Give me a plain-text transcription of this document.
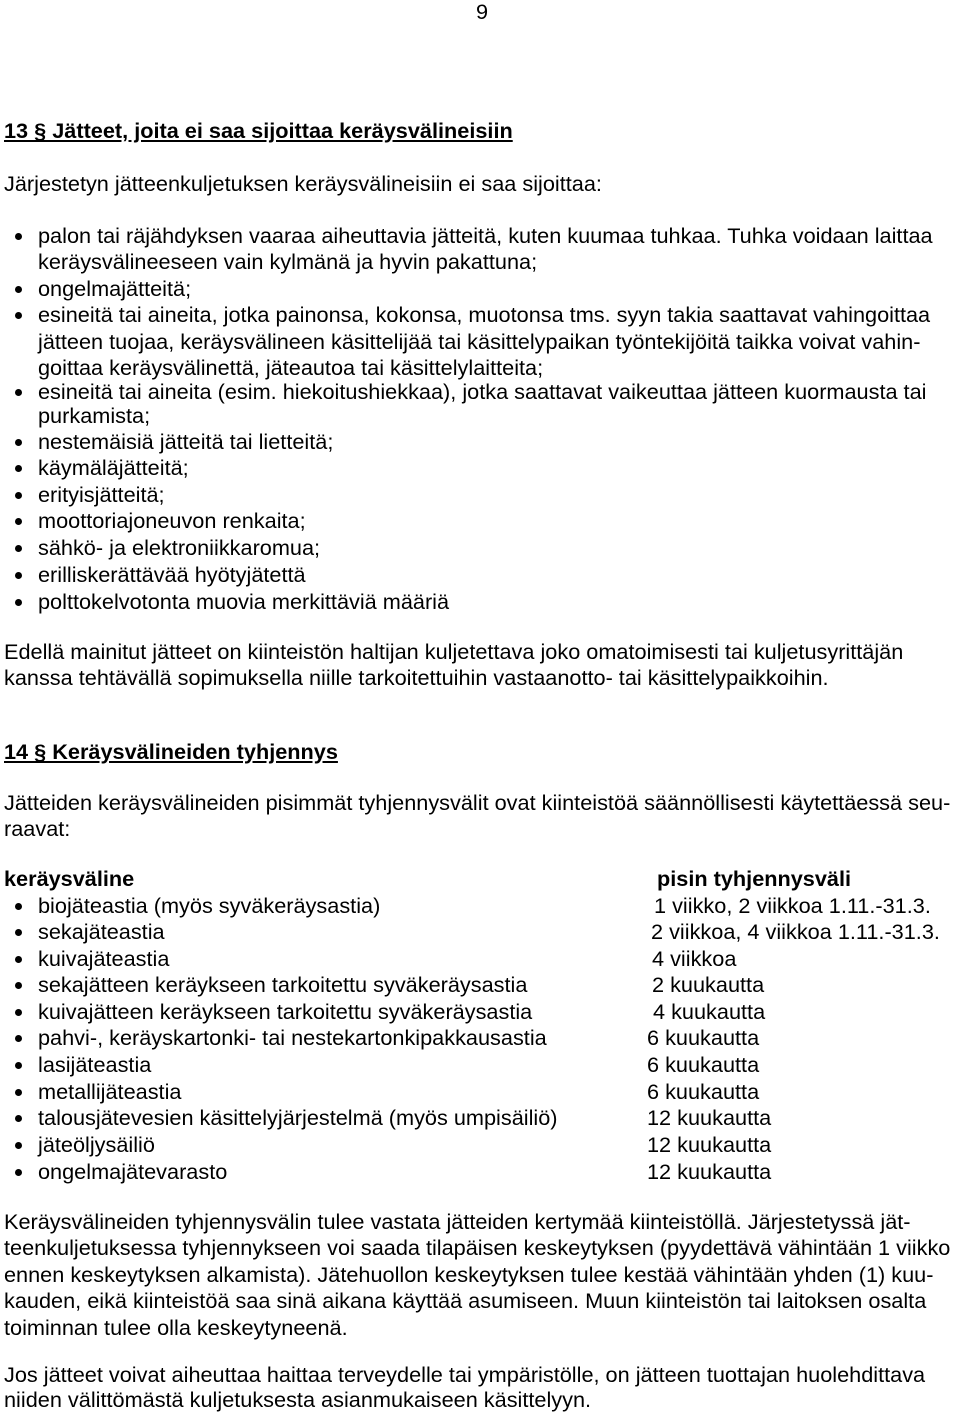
9
13 § Jätteet, joita ei saa sijoittaa keräysvälineisiin
Järjestetyn jätteenkuljetuksen keräysvälineisiin ei saa sijoittaa:
palon tai räjähdyksen vaaraa aiheuttavia jätteitä, kuten kuumaa tuhkaa. Tuhka voidaan laittaa
keräysvälineeseen vain kylmänä ja hyvin pakattuna;
ongelmajätteitä;
esineitä tai aineita, jotka painonsa, kokonsa, muotonsa tms. syyn takia saattavat vahingoittaa
jätteen tuojaa, keräysvälineen käsittelijää tai käsittelypaikan työntekijöitä taikka voivat vahin-
goittaa keräysvälinettä, jäteautoa tai käsittelylaitteita;
esineitä tai aineita (esim. hiekoitushiekkaa), jotka saattavat vaikeuttaa jätteen kuormausta tai
purkamista;
nestemäisiä jätteitä tai lietteitä;
käymäläjätteitä;
erityisjätteitä;
moottoriajoneuvon renkaita;
sähkö- ja elektroniikkaromua;
erilliskerättävää hyötyjätettä
polttokelvotonta muovia merkittäviä määriä
Edellä mainitut jätteet on kiinteistön haltijan kuljetettava joko omatoimisesti tai kuljetusyrittäjän
kanssa tehtävällä sopimuksella niille tarkoitettuihin vastaanotto- tai käsittelypaikkoihin.
14 § Keräysvälineiden tyhjennys
Jätteiden keräysvälineiden pisimmät tyhjennysvälit ovat kiinteistöä säännöllisesti käytettäessä seu-
raavat:
keräysväline	pisin tyhjennysväli
biojäteastia (myös syväkeräysastia)	1 viikko, 2 viikkoa 1.11.-31.3.
sekajäteastia	2 viikkoa, 4 viikkoa 1.11.-31.3.
kuivajäteastia	4 viikkoa
sekajätteen keräykseen tarkoitettu syväkeräysastia	2 kuukautta
kuivajätteen keräykseen tarkoitettu syväkeräysastia	4 kuukautta
pahvi-, keräyskartonki- tai nestekartonkipakkausastia	6 kuukautta
lasijäteastia	6 kuukautta
metallijäteastia	6 kuukautta
talousjätevesien käsittelyjärjestelmä (myös umpisäiliö)	12 kuukautta
jäteöljysäiliö	12 kuukautta
ongelmajätevarasto	12 kuukautta
Keräysvälineiden tyhjennysvälin tulee vastata jätteiden kertymää kiinteistöllä. Järjestetyssä jät-
teenkuljetuksessa tyhjennykseen voi saada tilapäisen keskeytyksen (pyydettävä vähintään 1 viikko
ennen keskeytyksen alkamista). Jätehuollon keskeytyksen tulee kestää vähintään yhden (1) kuu-
kauden, eikä kiinteistöä saa sinä aikana käyttää asumiseen. Muun kiinteistön tai laitoksen osalta
toiminnan tulee olla keskeytyneenä.
Jos jätteet voivat aiheuttaa haittaa terveydelle tai ympäristölle, on jätteen tuottajan huolehdittava
niiden välittömästä kuljetuksesta asianmukaiseen käsittelyyn.
